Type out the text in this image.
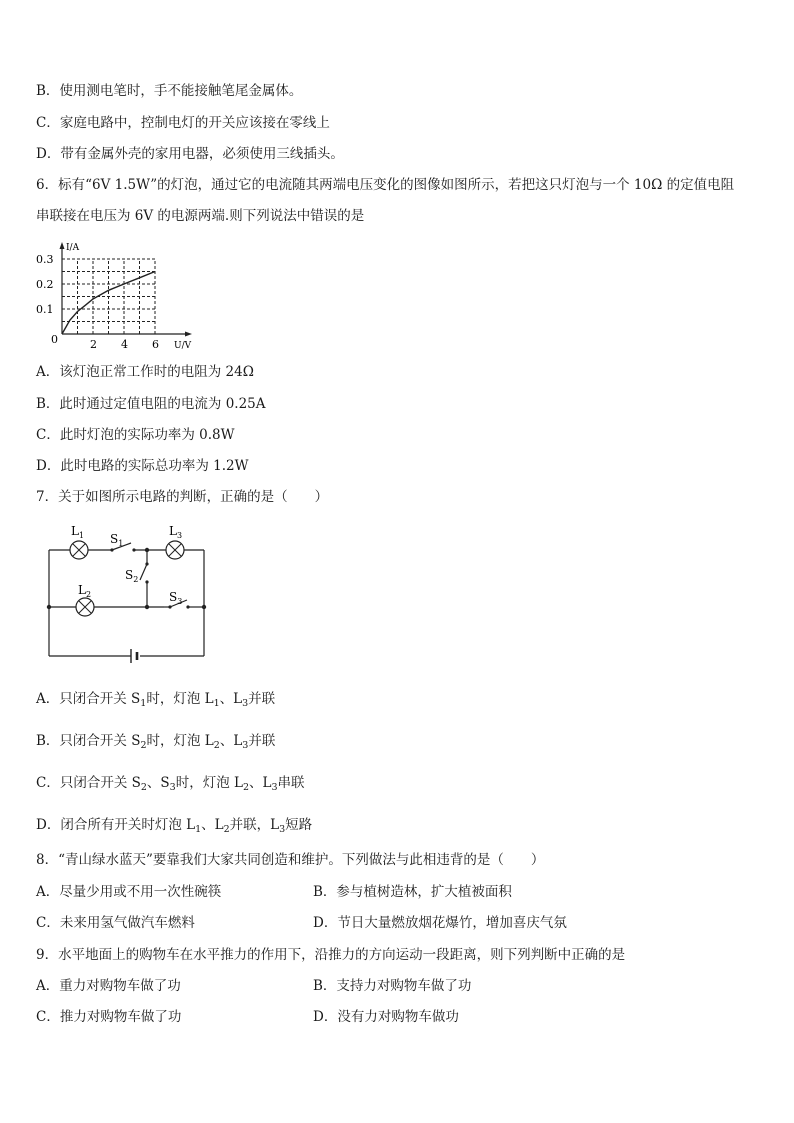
B．使用测电笔时，手不能接触笔尾金属体。
C．家庭电路中，控制电灯的开关应该接在零线上
D．带有金属外壳的家用电器，必须使用三线插头。
6．标有“6V 1.5W”的灯泡，通过它的电流随其两端电压变化的图像如图所示，若把这只灯泡与一个 10Ω 的定值电阻
串联接在电压为 6V 的电源两端.则下列说法中错误的是
I/A
U/V
0	2 4 6
0.1
0.2
0.3
A．该灯泡正常工作时的电阻为 24Ω
B．此时通过定值电阻的电流为 0.25A
C．此时灯泡的实际功率为 0.8W
D．此时电路的实际总功率为 1.2W
7．关于如图所示电路的判断，正确的是（　　）
$L_1$ $S_1$
$L_3$
$S_2$
$L_2$	$S_3$
A．只闭合开关 $S_1$时，灯泡 $L_1$、$L_3$并联
B．只闭合开关 $S_2$时，灯泡 $L_2$、$L_3$并联
C．只闭合开关 $S_2$、$S_3$时，灯泡 $L_2$、$L_3$串联
D．闭合所有开关时灯泡 $L_1$、$L_2$并联，$L_3$短路
8．“青山绿水蓝天”要靠我们大家共同创造和维护。下列做法与此相违背的是（　　）
A．尽量少用或不用一次性碗筷	B．参与植树造林，扩大植被面积
C．未来用氢气做汽车燃料	D．节日大量燃放烟花爆竹，增加喜庆气氛
9．水平地面上的购物车在水平推力的作用下，沿推力的方向运动一段距离，则下列判断中正确的是
A．重力对购物车做了功	B．支持力对购物车做了功
C．推力对购物车做了功	D．没有力对购物车做功
